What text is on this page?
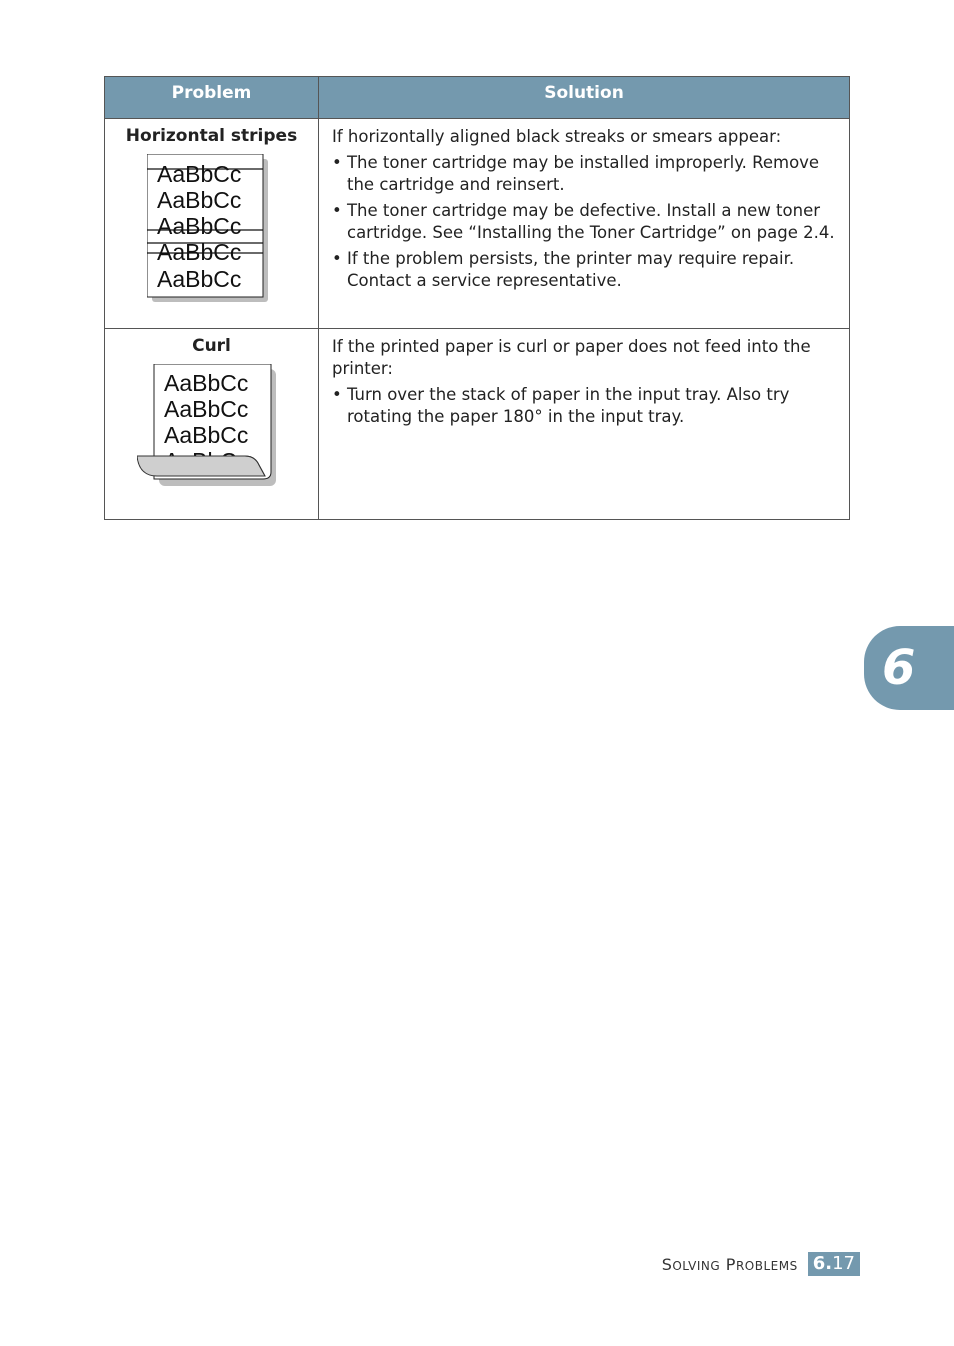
Problem	Solution
Horizontal stripes
AaBbCc
AaBbCc
AaBbCc
AaBbCc
AaBbCc

If horizontally aligned black streaks or smears appear:

• The toner cartridge may be installed improperly. Remove the cartridge and reinsert.

• The toner cartridge may be defective. Install a new toner cartridge. See “Installing the Toner Cartridge” on page 2.4.

• If the problem persists, the printer may require repair. Contact a service representative.

Curl
AaBbCc
AaBbCc
AaBbCc

If the printed paper is curl or paper does not feed into the printer:

• Turn over the stack of paper in the input tray. Also try rotating the paper 180° in the input tray.

6
SOLVING PROBLEMS 6.17
